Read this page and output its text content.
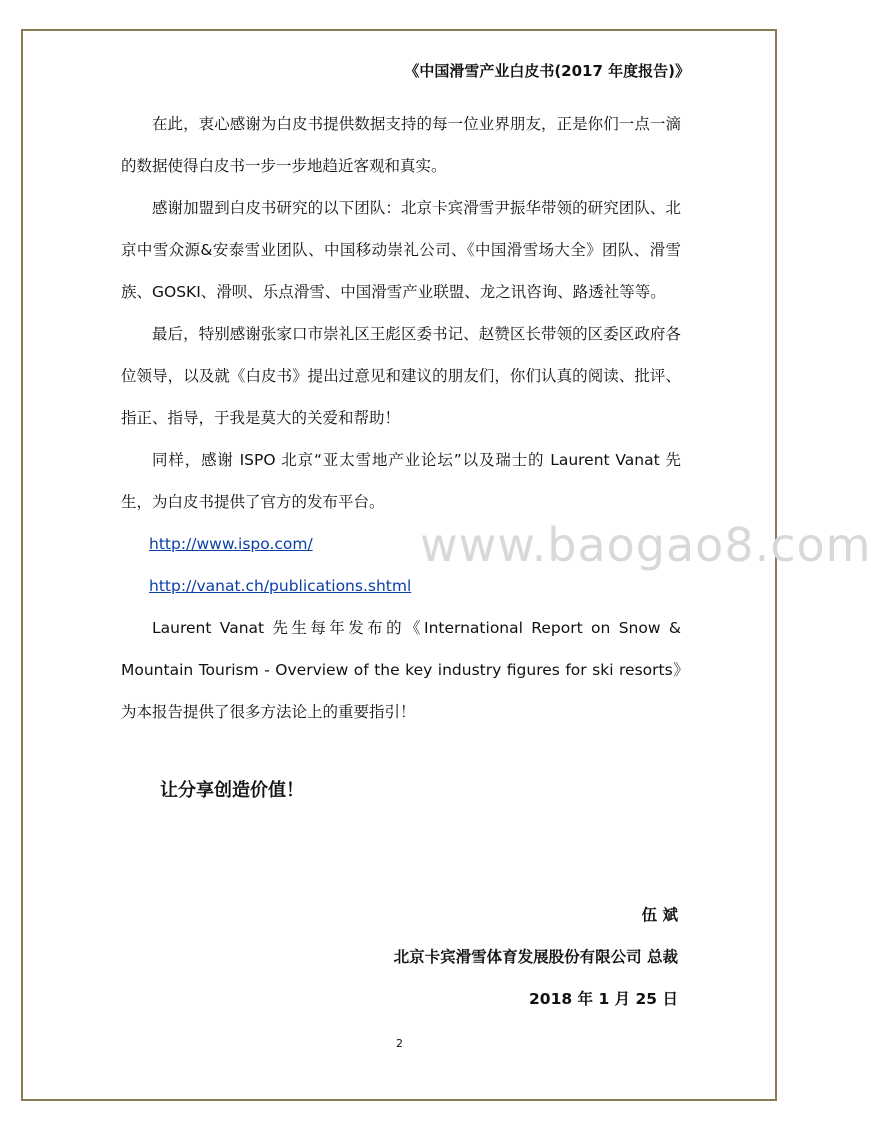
《中国滑雪产业白皮书(2017 年度报告)》

在此，衷心感谢为白皮书提供数据支持的每一位业界朋友，正是你们一点一滴的数据使得白皮书一步一步地趋近客观和真实。

感谢加盟到白皮书研究的以下团队：北京卡宾滑雪尹振华带领的研究团队、北京中雪众源&安泰雪业团队、中国移动崇礼公司、《中国滑雪场大全》团队、滑雪族、GOSKI、滑呗、乐点滑雪、中国滑雪产业联盟、龙之讯咨询、路透社等等。

最后，特别感谢张家口市崇礼区王彪区委书记、赵赞区长带领的区委区政府各位领导，以及就《白皮书》提出过意见和建议的朋友们，你们认真的阅读、批评、指正、指导，于我是莫大的关爱和帮助！

同样，感谢 ISPO 北京“亚太雪地产业论坛”以及瑞士的 Laurent Vanat 先生，为白皮书提供了官方的发布平台。

http://www.ispo.com/
http://vanat.ch/publications.shtml

Laurent Vanat 先生每年发布的《International Report on Snow & Mountain Tourism - Overview of the key industry figures for ski resorts》为本报告提供了很多方法论上的重要指引！

www.baogao8.com
让分享创造价值！
伍 斌
北京卡宾滑雪体育发展股份有限公司 总裁
2018 年 1 月 25 日
2
